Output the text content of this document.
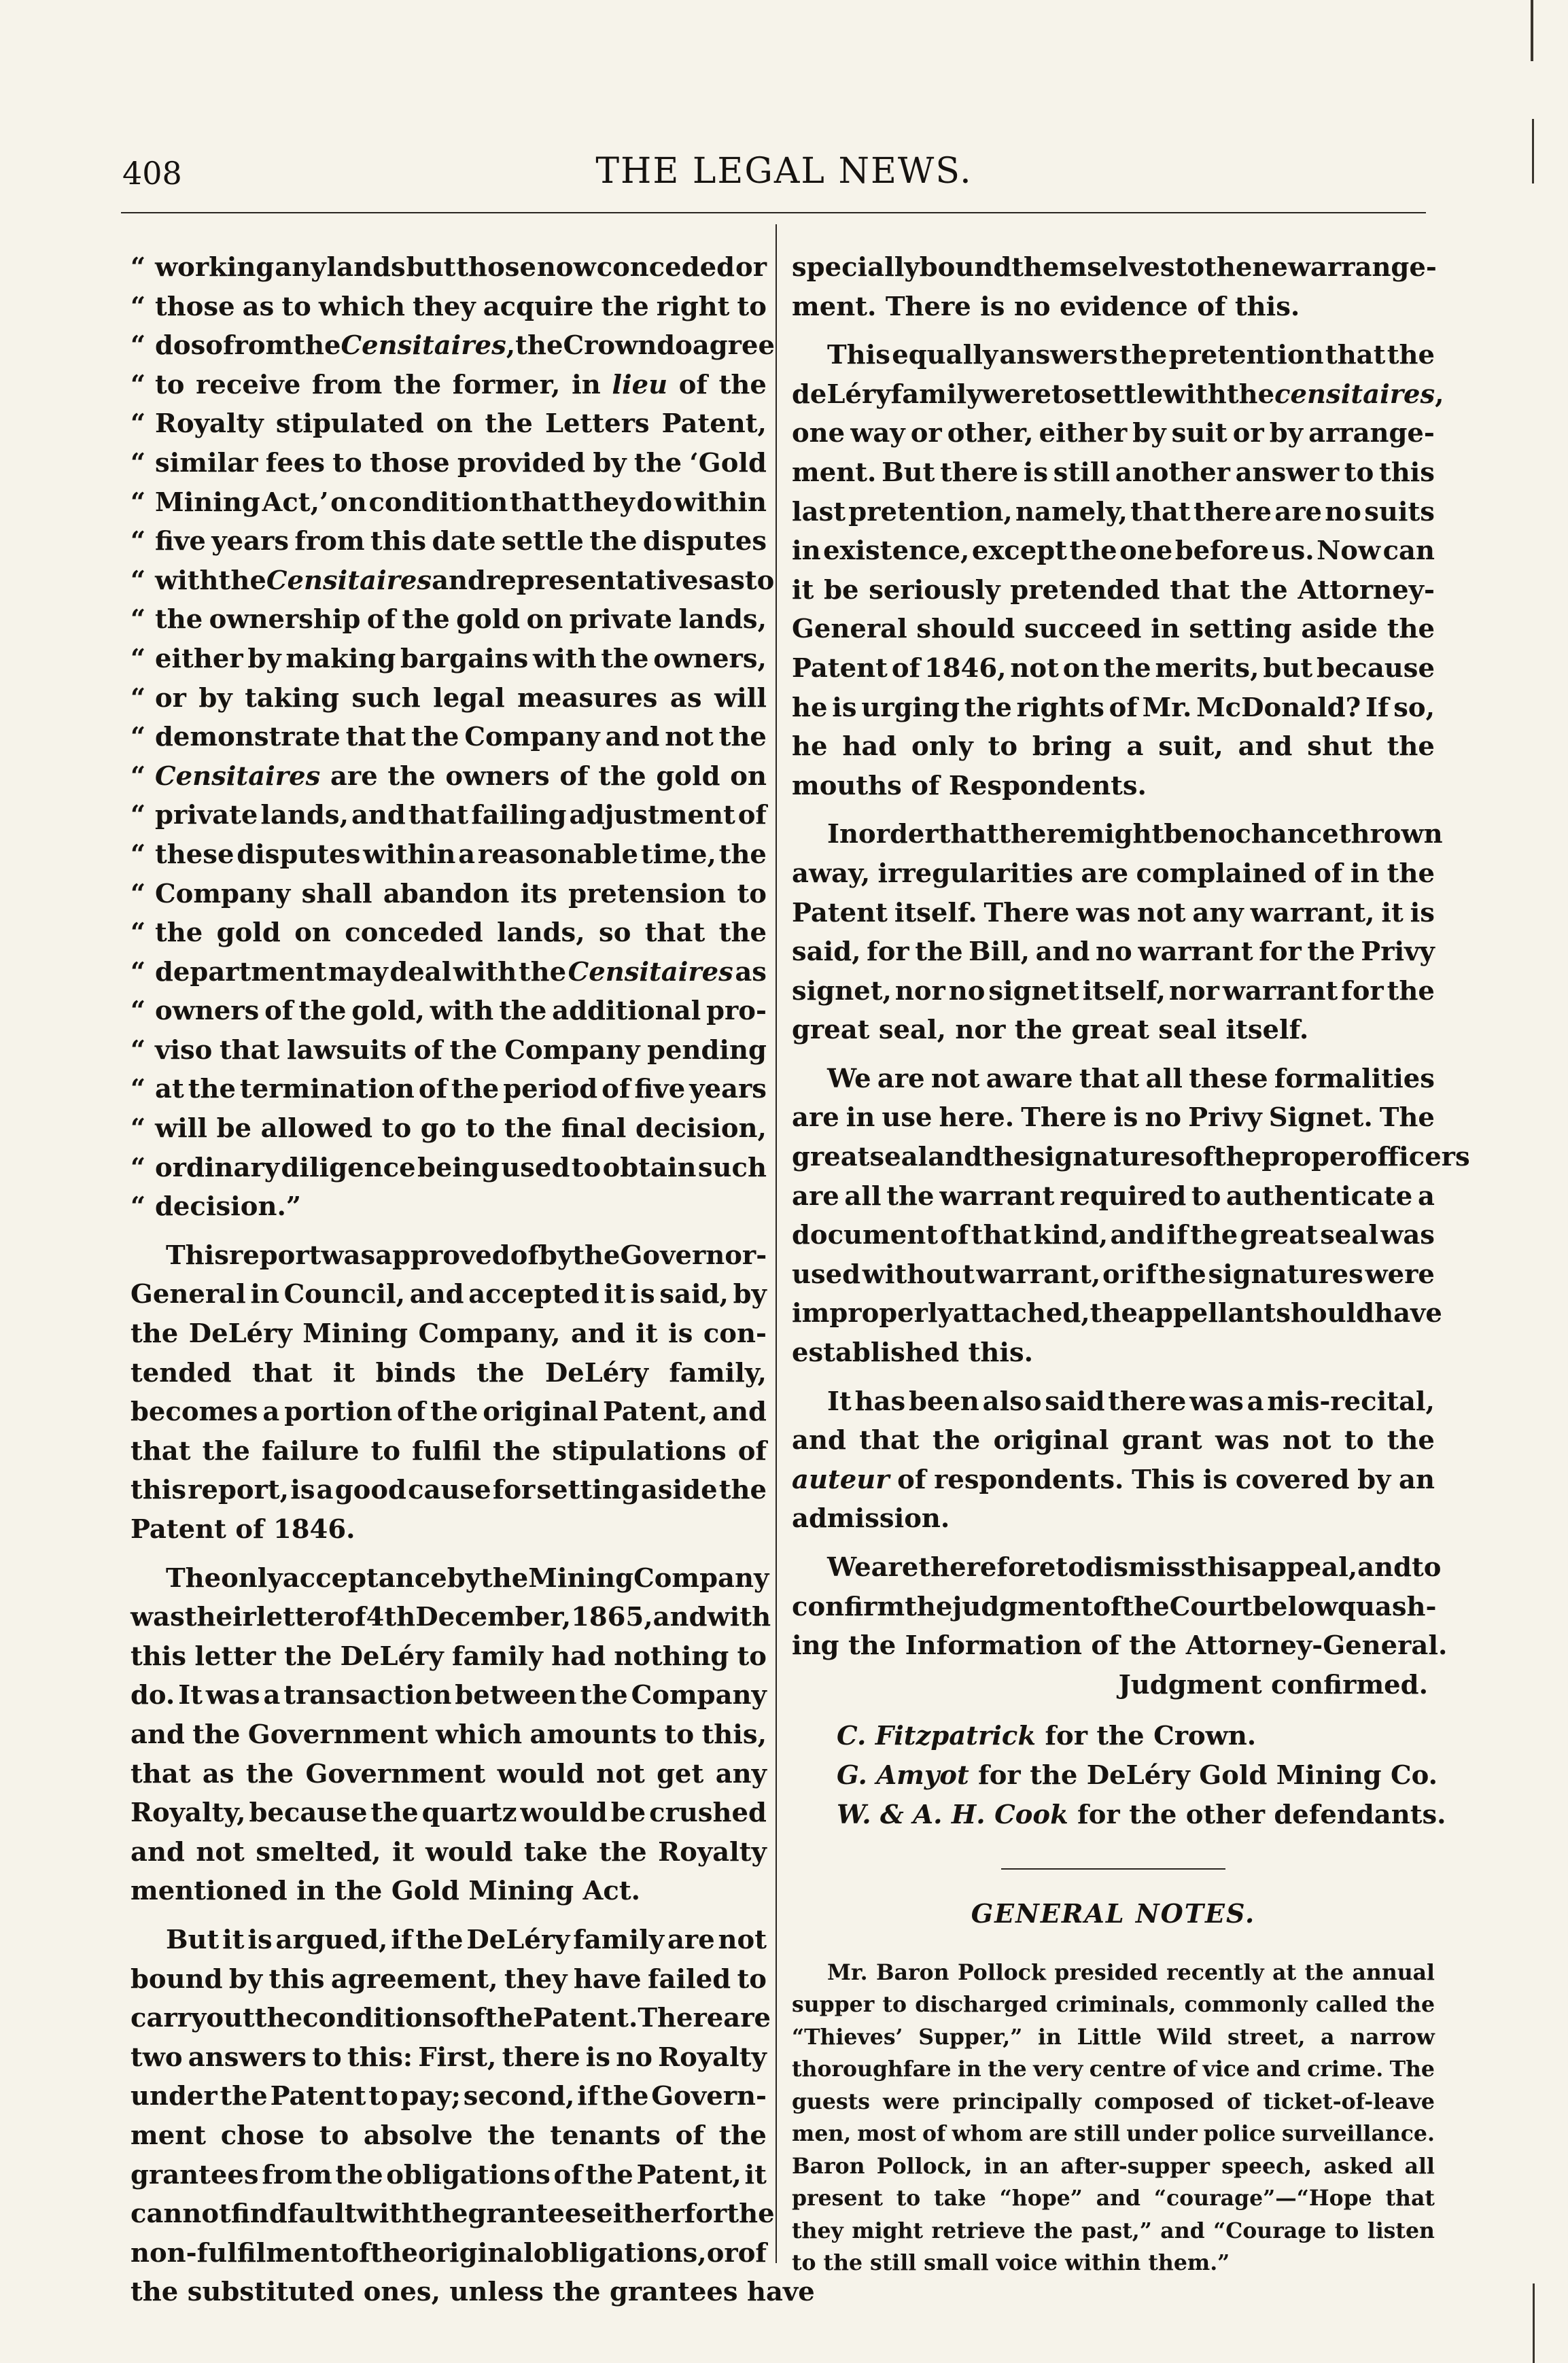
408	THE LEGAL NEWS.
“ working any lands but those now conceded or
“ those as to which they acquire the right to
“ do so from the Censitaires, the Crown do agree
“ to receive from the former, in lieu of the
“ Royalty stipulated on the Letters Patent,
“ similar fees to those provided by the ‘Gold
“ Mining Act,’ on condition that they do within
“ five years from this date settle the disputes
“ with the Censitaires and representatives as to
“ the ownership of the gold on private lands,
“ either by making bargains with the owners,
“ or by taking such legal measures as will
“ demonstrate that the Company and not the
“ Censitaires are the owners of the gold on
“ private lands, and that failing adjustment of
“ these disputes within a reasonable time, the
“ Company shall abandon its pretension to
“ the gold on conceded lands, so that the
“ department may deal with the Censitaires as
“ owners of the gold, with the additional pro-
“ viso that lawsuits of the Company pending
“ at the termination of the period of five years
“ will be allowed to go to the final decision,
“ ordinary diligence being used to obtain such
“ decision.”
This report was approved of by the Governor-
General in Council, and accepted it is said, by
the DeLéry Mining Company, and it is con-
tended that it binds the DeLéry family,
becomes a portion of the original Patent, and
that the failure to fulfil the stipulations of
this report, is a good cause for setting aside the
Patent of 1846.
The only acceptance by the Mining Company
was their letter of 4th December, 1865, and with
this letter the DeLéry family had nothing to
do. It was a transaction between the Company
and the Government which amounts to this,
that as the Government would not get any
Royalty, because the quartz would be crushed
and not smelted, it would take the Royalty
mentioned in the Gold Mining Act.
But it is argued, if the DeLéry family are not
bound by this agreement, they have failed to
carry out the conditions of the Patent. There are
two answers to this: First, there is no Royalty
under the Patent to pay; second, if the Govern-
ment chose to absolve the tenants of the
grantees from the obligations of the Patent, it
cannot find fault with the grantees either for the
non-fulfilment of the original obligations, or of
the substituted ones, unless the grantees have
specially bound themselves to the new arrange-
ment. There is no evidence of this.
This equally answers the pretention that the
de Léry family were to settle with the censitaires,
one way or other, either by suit or by arrange-
ment. But there is still another answer to this
last pretention, namely, that there are no suits
in existence, except the one before us. Now can
it be seriously pretended that the Attorney-
General should succeed in setting aside the
Patent of 1846, not on the merits, but because
he is urging the rights of Mr. McDonald? If so,
he had only to bring a suit, and shut the
mouths of Respondents.
In order that there might be no chance thrown
away, irregularities are complained of in the
Patent itself. There was not any warrant, it is
said, for the Bill, and no warrant for the Privy
signet, nor no signet itself, nor warrant for the
great seal, nor the great seal itself.
We are not aware that all these formalities
are in use here. There is no Privy Signet. The
great seal and the signatures of the proper officers
are all the warrant required to authenticate a
document of that kind, and if the great seal was
used without warrant, or if the signatures were
improperly attached, the appellant should have
established this.
It has been also said there was a mis-recital,
and that the original grant was not to the
auteur of respondents. This is covered by an
admission.
We are therefore to dismiss this appeal, and to
confirm the judgment of the Court below quash-
ing the Information of the Attorney-General.
Judgment confirmed.
C. Fitzpatrick for the Crown.
G. Amyot for the DeLéry Gold Mining Co.
W. & A. H. Cook for the other defendants.
GENERAL NOTES.
Mr. Baron Pollock presided recently at the annual
supper to discharged criminals, commonly called the
“Thieves’ Supper,” in Little Wild street, a narrow
thoroughfare in the very centre of vice and crime. The
guests were principally composed of ticket-of-leave
men, most of whom are still under police surveillance.
Baron Pollock, in an after-supper speech, asked all
present to take “hope” and “courage”—“Hope that
they might retrieve the past,” and “Courage to listen
to the still small voice within them.”
